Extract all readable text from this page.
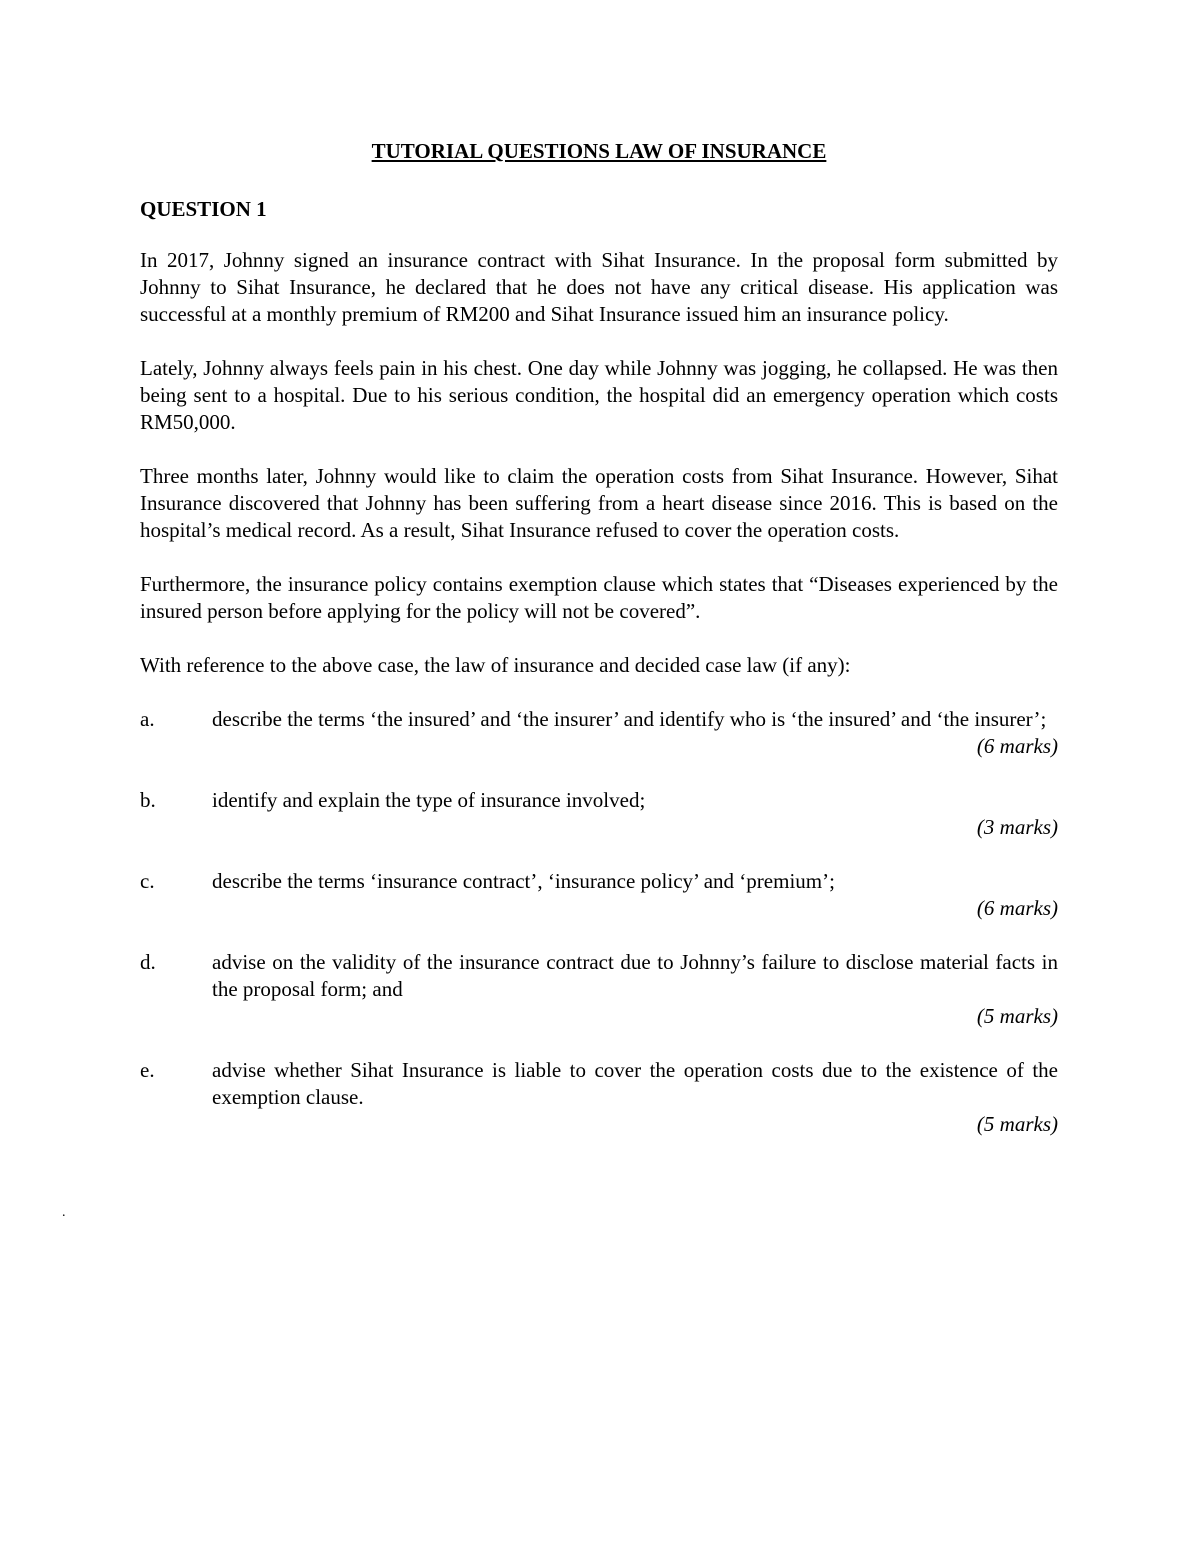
TUTORIAL QUESTIONS LAW OF INSURANCE

QUESTION 1

In 2017, Johnny signed an insurance contract with Sihat Insurance. In the proposal form submitted by Johnny to Sihat Insurance, he declared that he does not have any critical disease. His application was successful at a monthly premium of RM200 and Sihat Insurance issued him an insurance policy.

Lately, Johnny always feels pain in his chest. One day while Johnny was jogging, he collapsed. He was then being sent to a hospital. Due to his serious condition, the hospital did an emergency operation which costs RM50,000.

Three months later, Johnny would like to claim the operation costs from Sihat Insurance. However, Sihat Insurance discovered that Johnny has been suffering from a heart disease since 2016. This is based on the hospital’s medical record. As a result, Sihat Insurance refused to cover the operation costs.

Furthermore, the insurance policy contains exemption clause which states that “Diseases experienced by the insured person before applying for the policy will not be covered”.

With reference to the above case, the law of insurance and decided case law (if any):

a.	describe the terms ‘the insured’ and ‘the insurer’ and identify who is ‘the insured’ and ‘the insurer’;

(6 marks)

b.	identify and explain the type of insurance involved;

(3 marks)

c.	describe the terms ‘insurance contract’, ‘insurance policy’ and ‘premium’;

(6 marks)

d.	advise on the validity of the insurance contract due to Johnny’s failure to disclose material facts in the proposal form; and

(5 marks)

e.	advise whether Sihat Insurance is liable to cover the operation costs due to the existence of the exemption clause.

(5 marks)

.
